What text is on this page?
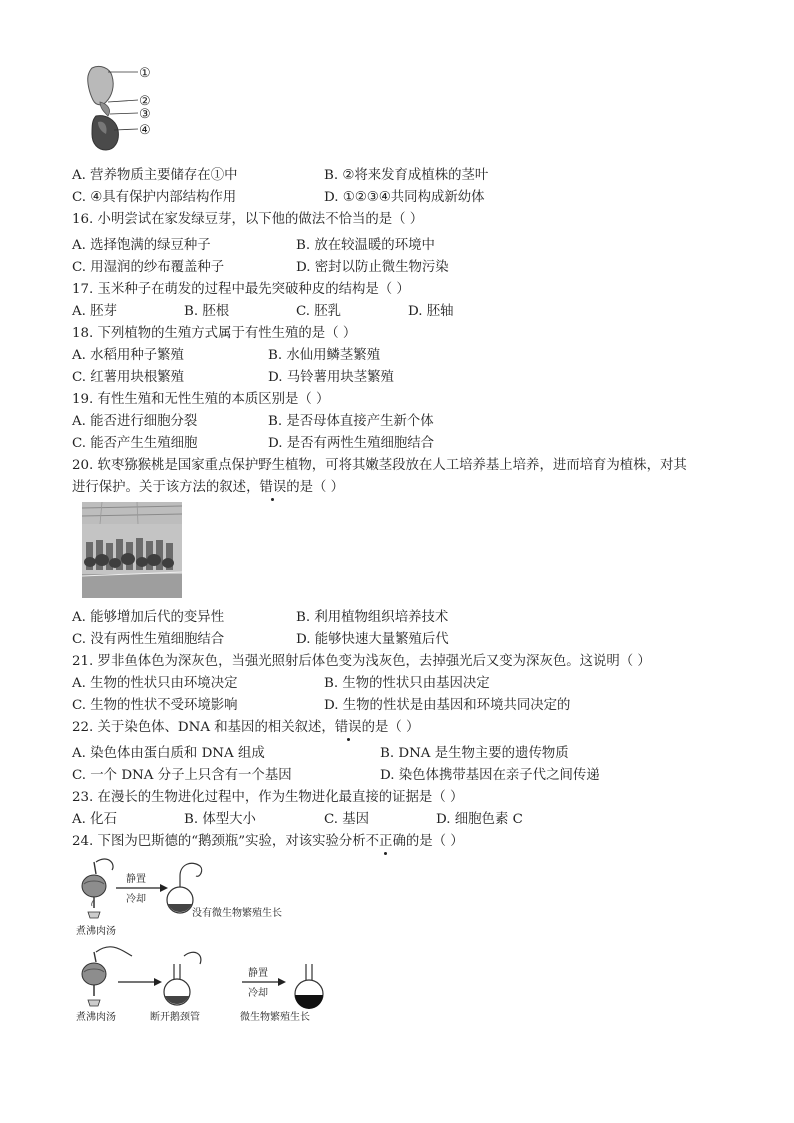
①
②
③
④
A. 营养物质主要储存在①中	B. ②将来发育成植株的茎叶
C. ④具有保护内部结构作用	D. ①②③④共同构成新幼体
16. 小明尝试在家发绿豆芽，以下他的做法不恰当的是（ ）
A. 选择饱满的绿豆种子	B. 放在较温暖的环境中
C. 用湿润的纱布覆盖种子	D. 密封以防止微生物污染
17. 玉米种子在萌发的过程中最先突破种皮的结构是（ ）
A. 胚芽	B. 胚根	C. 胚乳	D. 胚轴
18. 下列植物的生殖方式属于有性生殖的是（ ）
A. 水稻用种子繁殖	B. 水仙用鳞茎繁殖
C. 红薯用块根繁殖	D. 马铃薯用块茎繁殖
19. 有性生殖和无性生殖的本质区别是（ ）
A. 能否进行细胞分裂	B. 是否母体直接产生新个体
C. 能否产生生殖细胞	D. 是否有两性生殖细胞结合
20. 软枣猕猴桃是国家重点保护野生植物，可将其嫩茎段放在人工培养基上培养，进而培育为植株，对其
进行保护。关于该方法的叙述，错误的是（ ）
A. 能够增加后代的变异性	B. 利用植物组织培养技术
C. 没有两性生殖细胞结合	D. 能够快速大量繁殖后代
21. 罗非鱼体色为深灰色，当强光照射后体色变为浅灰色，去掉强光后又变为深灰色。这说明（ ）
A. 生物的性状只由环境决定	B. 生物的性状只由基因决定
C. 生物的性状不受环境影响	D. 生物的性状是由基因和环境共同决定的
22. 关于染色体、DNA 和基因的相关叙述，错误的是（ ）
A. 染色体由蛋白质和 DNA 组成	B. DNA 是生物主要的遗传物质
C. 一个 DNA 分子上只含有一个基因	D. 染色体携带基因在亲子代之间传递
23. 在漫长的生物进化过程中，作为生物进化最直接的证据是（ ）
A. 化石	B. 体型大小	C. 基因	D. 细胞色素 C
24. 下图为巴斯德的“鹅颈瓶”实验，对该实验分析不正确的是（ ）
煮沸肉汤
静置
冷却
没有微生物繁殖生长
煮沸肉汤	断开鹅颈管
静置
冷却
微生物繁殖生长
